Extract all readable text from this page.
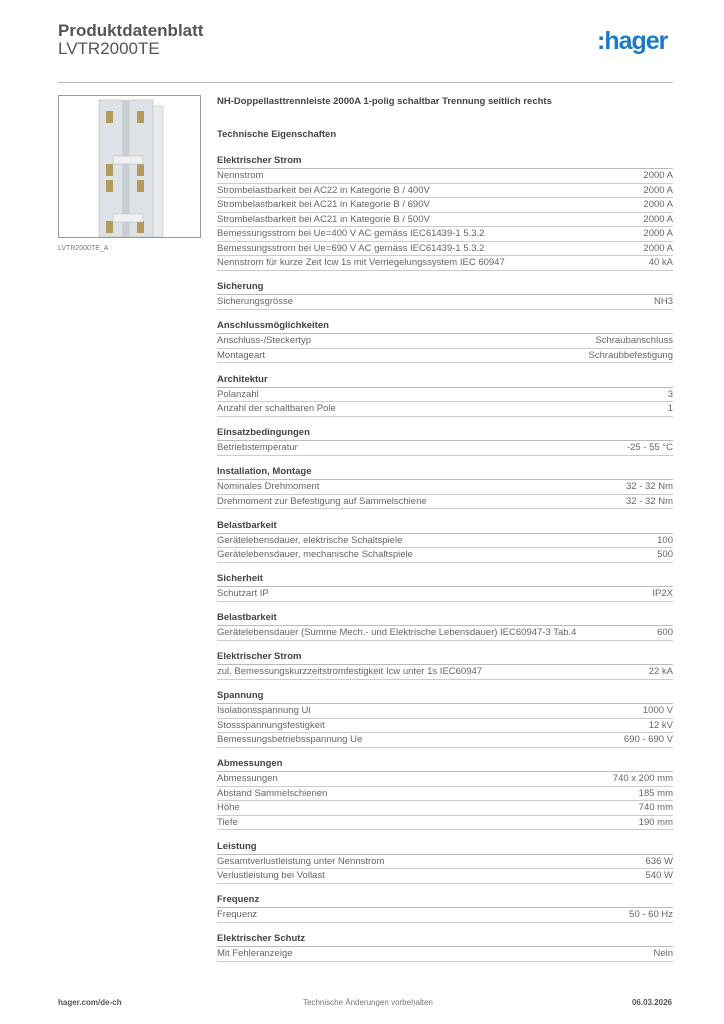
Produktdatenblatt
LVTR2000TE	:hager
LVTR2000TE_A
NH-Doppellasttrennleiste 2000A 1-polig schaltbar Trennung seitlich rechts
Technische Eigenschaften
Elektrischer Strom
Nennstrom	2000 A
Strombelastbarkeit bei AC22 in Kategorie B / 400V	2000 A
Strombelastbarkeit bei AC21 in Kategorie B / 690V	2000 A
Strombelastbarkeit bei AC21 in Kategorie B / 500V	2000 A
Bemessungsstrom bei Ue=400 V AC gemäss IEC61439-1 5.3.2	2000 A
Bemessungsstrom bei Ue=690 V AC gemäss IEC61439-1 5.3.2	2000 A
Nennstrom für kurze Zeit Icw 1s mit Verriegelungssystem IEC 60947	40 kA
Sicherung
Sicherungsgrösse	NH3
Anschlussmöglichkeiten
Anschluss-/Steckertyp	Schraubanschluss
Montageart	Schraubbefestigung
Architektur
Polanzahl	3
Anzahl der schaltbaren Pole	1
Einsatzbedingungen
Betriebstemperatur	-25 - 55 °C
Installation, Montage
Nominales Drehmoment	32 - 32 Nm
Drehmoment zur Befestigung auf Sammelschiene	32 - 32 Nm
Belastbarkeit
Gerätelebensdauer, elektrische Schaltspiele	100
Gerätelebensdauer, mechanische Schaltspiele	500
Sicherheit
Schutzart IP	IP2X
Belastbarkeit
Gerätelebensdauer (Summe Mech.- und Elektrische Lebensdauer) IEC60947-3 Tab.4	600
Elektrischer Strom
zul. Bemessungskurzzeitstromfestigkeit Icw unter 1s IEC60947	22 kA
Spannung
Isolationsspannung Ui	1000 V
Stossspannungsfestigkeit	12 kV
Bemessungsbetriebsspannung Ue	690 - 690 V
Abmessungen
Abmessungen	740 x 200 mm
Abstand Sammelschienen	185 mm
Höhe	740 mm
Tiefe	190 mm
Leistung
Gesamtverlustleistung unter Nennstrom	636 W
Verlustleistung bei Vollast	540 W
Frequenz
Frequenz	50 - 60 Hz
Elektrischer Schutz
Mit Fehleranzeige	Nein
hager.com/de-ch	Technische Änderungen vorbehalten	06.03.2026
